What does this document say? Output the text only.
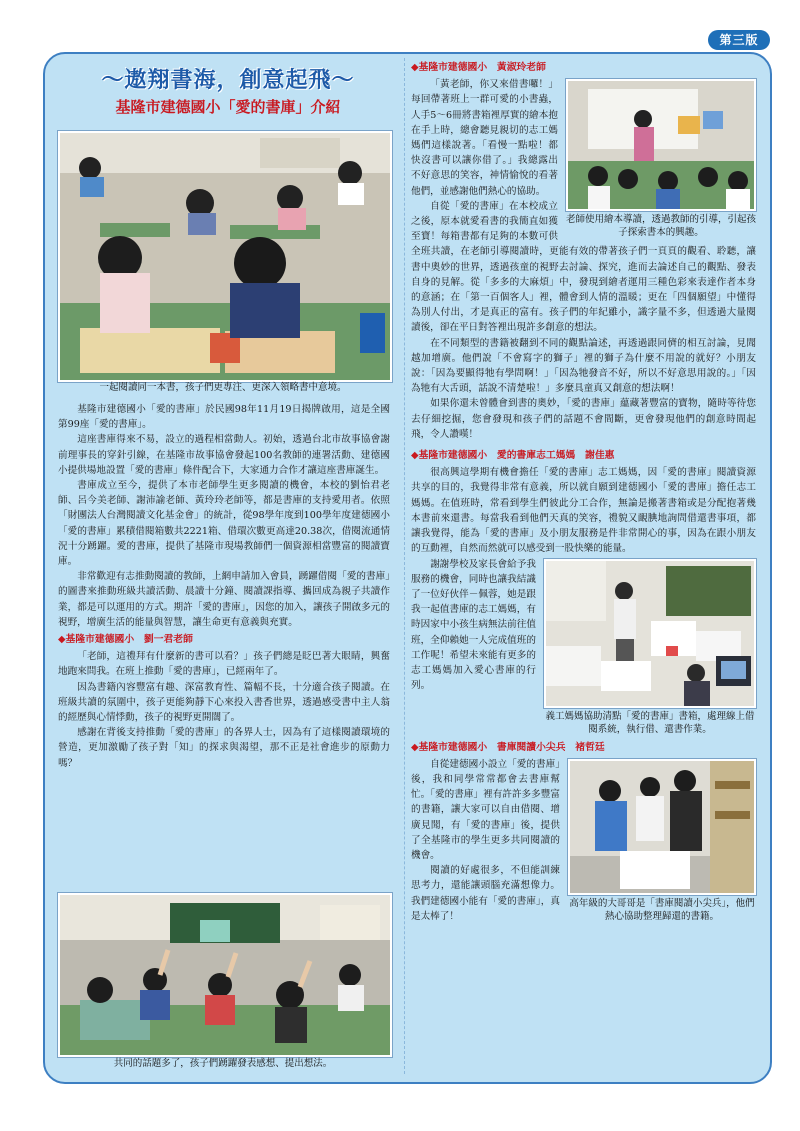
第三版
～遨翔書海，創意起飛～
基隆市建德國小「愛的書庫」介紹
一起閱讀同一本書，孩子們更專注、更深入領略書中意境。

基隆市建德國小「愛的書庫」於民國98年11月19日揭牌啟用，這是全國第99座「愛的書庫」。

這座書庫得來不易，設立的過程相當動人。初始，透過台北市故事協會謝前理事長的穿針引線，在基隆市故事協會發起100名教師的連署活動、建德國小提供場地設置「愛的書庫」條件配合下，大家通力合作才讓這座書庫誕生。

書庫成立至今，提供了本市老師學生更多閱讀的機會，本校的劉怡君老師、呂今美老師、謝沛諭老師、黃玲玲老師等，都是書庫的支持愛用者。依照「財團法人台灣閱讀文化基金會」的統計，從98學年度到100學年度建德國小「愛的書庫」累積借閱箱數共2221箱、借環次數更高達20.38次，借閱流通情況十分踴躍。愛的書庫，提供了基隆市現場教師們一個資源相當豐富的閱讀寶庫。

非常歡迎有志推動閱讀的教師，上網申請加入會員，踴躍借閱「愛的書庫」的圖書來推動班級共讀活動、晨讀十分鐘、閱讀課指導、攜回成為親子共讀作業，都是可以運用的方式。期許「愛的書庫」，因您的加入，讓孩子開啟多元的視野，增廣生活的能量與智慧，讓生命更有意義與充實。

◆基隆市建德國小　劉一君老師

「老師，這禮拜有什麼新的書可以看？」孩子們總是眨巴著大眼睛，興奮地跑來問我。在班上推動「愛的書庫」，已經兩年了。

因為書籍內容豐富有趣、深富教育性、篇幅不長，十分適合孩子閱讀。在班級共讀的氛圍中，孩子更能夠靜下心來投入書香世界，透過感受書中主人翁的經歷與心情悸動，孩子的視野更開闊了。

感謝在背後支持推動「愛的書庫」的各界人士，因為有了這樣閱讀環境的營造，更加激勵了孩子對「知」的探求與渴望，那不正是社會進步的原動力嗎？

共同的話題多了，孩子們踴躍發表感想、提出想法。

◆基隆市建德國小　黃淑玲老師

老師使用繪本導讀，透過教師的引導，引起孩子探索書本的興趣。

「黃老師，你又來借書囉！」每回帶著班上一群可愛的小書蟲，人手5～6冊將書箱裡厚實的繪本抱在手上時，總會聽見親切的志工媽媽們這樣說著。「看慢一點啦！都快沒書可以讓你借了。」我總露出不好意思的笑容，神情愉悅的看著他們，並感謝他們熱心的協助。

自從「愛的書庫」在本校成立之後，原本就愛看書的我簡直如獲至寶！每箱書都有足夠的本數可供全班共讀，在老師引導閱讀時，更能有效的帶著孩子們一頁頁的觀看、聆聽，讓書中奧妙的世界，透過孩童的視野去討論、探究，進而去論述自己的觀點、發表自身的見解。從「多多的大麻煩」中，發現到繪者運用三種色彩來表達作者本身的意涵；在「第一百個客人」裡，體會到人情的溫暖；更在「四個願望」中懂得為別人付出，才是真正的富有。孩子們的年紀雖小，識字量不多，但透過大量閱讀後，卻在平日對答裡出現許多創意的想法。

在不同類型的書籍被翻到不同的觀點論述，再透過跟同儕的相互討論，見聞越加增廣。他們說「不會寫字的獅子」裡的獅子為什麼不用說的就好？小朋友說：「因為要顯得牠有學問啊！」「因為牠發音不好，所以不好意思用說的。」「因為牠有大舌頭，話說不清楚啦！」多麼具童真又創意的想法啊！

如果你還未曾體會到書的奧妙，「愛的書庫」蘊藏著豐富的寶物，隨時等待您去仔細挖掘，您會發現和孩子們的話題不會間斷，更會發現他們的創意時間起飛，令人讚嘆！

◆基隆市建德國小　愛的書庫志工媽媽　謝佳惠

很高興這學期有機會擔任「愛的書庫」志工媽媽，因「愛的書庫」閱讀資源共享的目的，我覺得非常有意義，所以就自願到建德國小「愛的書庫」擔任志工媽媽。在值班時，常看到學生們彼此分工合作，無論是搬著書箱或是分配抱著幾本書前來還書。每當我看到他們天真的笑容，禮貌又靦腆地詢問借還書事項，都讓我覺得，能為「愛的書庫」及小朋友服務是件非常開心的事，因為在跟小朋友的互動裡，自然而然就可以感受到一股快樂的能量。

義工媽媽協助清點「愛的書庫」書箱，處理線上借閱系統，執行借、還書作業。

謝謝學校及家長會給予我服務的機會，同時也讓我結識了一位好伙伴－佩蓉，她是跟我一起值書庫的志工媽媽，有時因家中小孩生病無法前往值班，全仰賴她一人完成值班的工作呢！希望未來能有更多的志工媽媽加入愛心書庫的行列。

◆基隆市建德國小　書庫閱讀小尖兵　褚哲廷

高年級的大哥哥是「書庫閱讀小尖兵」，他們熱心協助整理歸還的書籍。

自從建德國小設立「愛的書庫」後，我和同學常常都會去書庫幫忙。「愛的書庫」裡有許許多多豐富的書籍，讓大家可以自由借閱、增廣見聞，有「愛的書庫」後，提供了全基隆市的學生更多共同閱讀的機會。

閱讀的好處很多，不但能訓練思考力，還能讓頭腦充滿想像力。我們建德國小能有「愛的書庫」，真是太棒了！
